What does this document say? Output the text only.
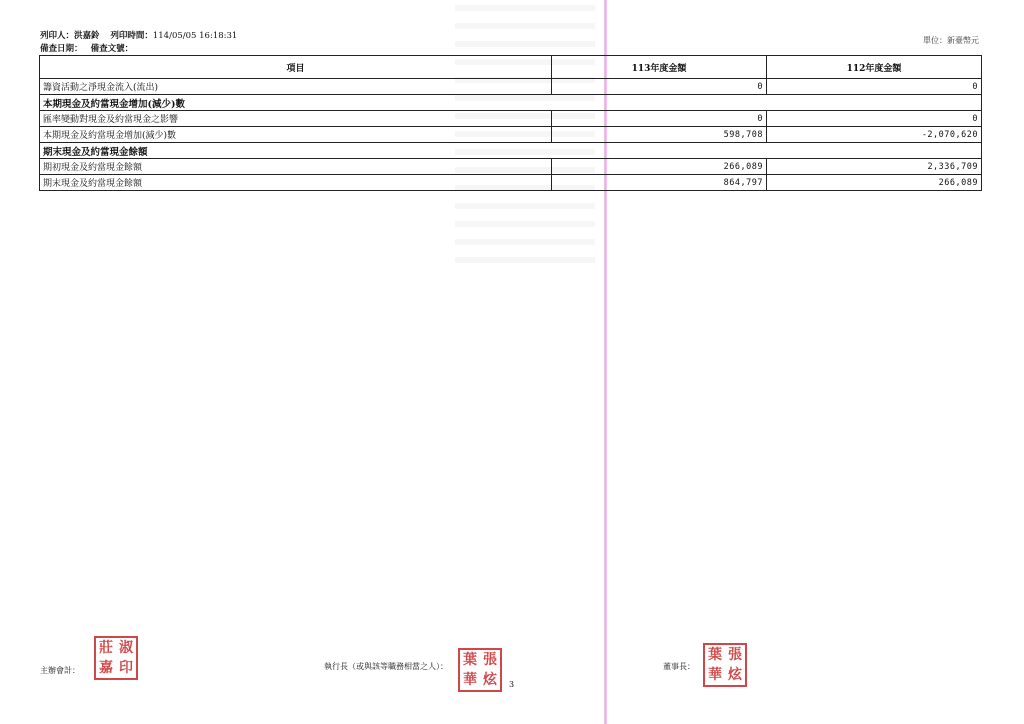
列印人：洪嘉鈴 列印時間：114/05/05 16:18:31
備查日期： 備查文號：
單位：新臺幣元
項目	113年度金額	112年度金額
籌資活動之淨現金流入(流出)	0	0
本期現金及約當現金增加(減少)數		
匯率變動對現金及約當現金之影響	0	0
本期現金及約當現金增加(減少)數	598,708	-2,070,620
期末現金及約當現金餘額		
期初現金及約當現金餘額	266,089	2,336,709
期末現金及約當現金餘額	864,797	266,089
主辦會計：
莊 淑
嘉 印	執行長（或與該等職務相當之人）： 葉 張
華 炫 3
董事長：
葉 張
華 炫
